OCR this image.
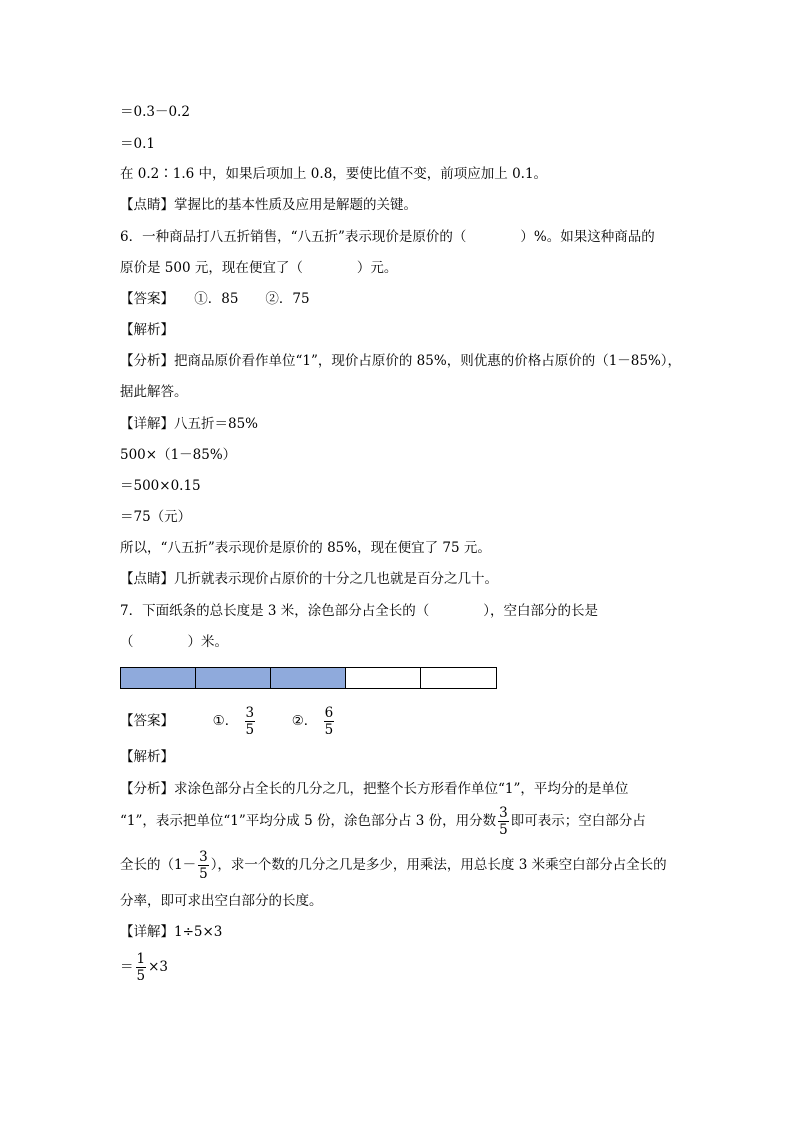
＝0.3－0.2
＝0.1
在 0.2∶1.6 中，如果后项加上 0.8，要使比值不变，前项应加上 0.1。
【点睛】掌握比的基本性质及应用是解题的关键。
6．一种商品打八五折销售，“八五折”表示现价是原价的（　　　　）%。如果这种商品的
原价是 500 元，现在便宜了（　　　　）元。
【答案】　　①．85　　②．75
【解析】
【分析】把商品原价看作单位“1”，现价占原价的 85%，则优惠的价格占原价的（1－85%），
据此解答。
【详解】八五折＝85%
500×（1－85%）
＝500×0.15
＝75（元）
所以，“八五折”表示现价是原价的 85%，现在便宜了 75 元。
【点睛】几折就表示现价占原价的十分之几也就是百分之几十。
7．下面纸条的总长度是 3 米，涂色部分占全长的（　　　　），空白部分的长是
（　　　　）米。
【答案】	①． $\frac{3}{5}$	②． $\frac{6}{5}$
【解析】
【分析】求涂色部分占全长的几分之几，把整个长方形看作单位“1”，平均分的是单位
“1”，表示把单位“1”平均分成 5 份，涂色部分占 3 份，用分数 $\frac{3}{5}$ 即可表示；空白部分占
全长的（$1- \frac{3}{5}$ ），求一个数的几分之几是多少，用乘法，用总长度 3 米乘空白部分占全长的
分率，即可求出空白部分的长度。
【详解】1÷5×3
＝ $\frac{1}{5} \times 3$
